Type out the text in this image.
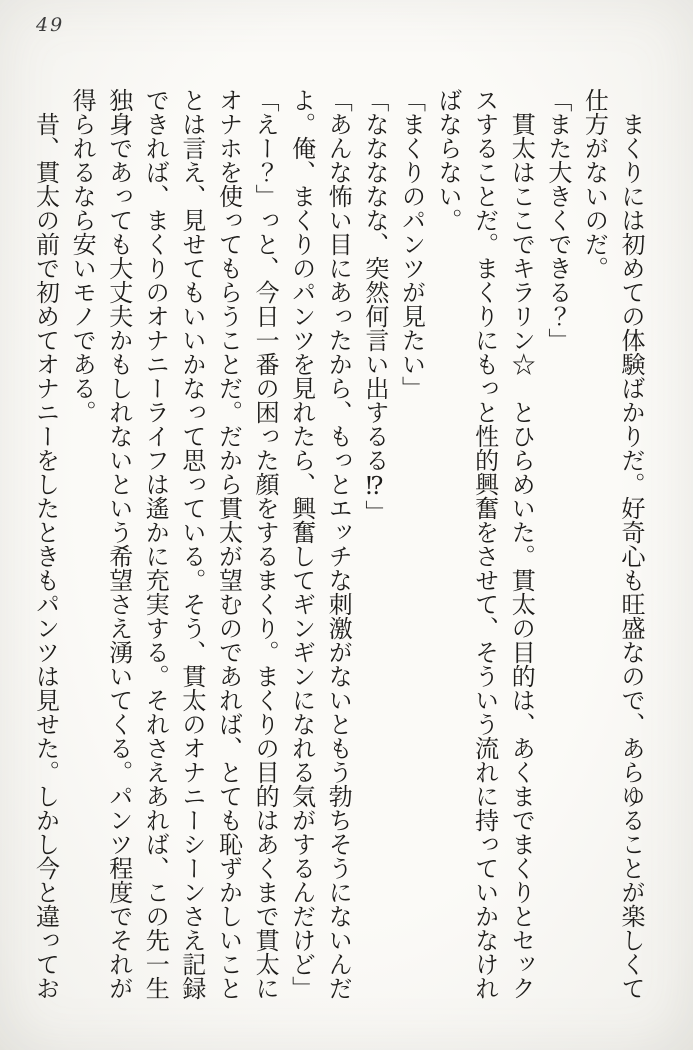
49

まくりには初めての体験ばかりだ。好奇心も旺盛なので、あらゆることが楽しくて仕方がないのだ。

「また大きくできる？」

貫太はここでキラリン☆　とひらめいた。貫太の目的は、あくまでまくりとセックスすることだ。まくりにもっと性的興奮をさせて、そういう流れに持っていかなければならない。

「まくりのパンツが見たい」

「ななななな、突然何言い出するる⁉」

「あんな怖い目にあったから、もっとエッチな刺激がないともう勃ちそうにないんだよ。俺、まくりのパンツを見れたら、興奮してギンギンになれる気がするんだけど」

「えー？」っと、今日一番の困った顔をするまくり。まくりの目的はあくまで貫太にオナホを使ってもらうことだ。だから貫太が望むのであれば、とても恥ずかしいこととは言え、見せてもいいかなって思っている。そう、貫太のオナニーシーンさえ記録できれば、まくりのオナニーライフは遙かに充実する。それさえあれば、この先一生独身であっても大丈夫かもしれないという希望さえ湧いてくる。パンツ程度でそれが得られるなら安いモノである。

昔、貫太の前で初めてオナニーをしたときもパンツは見せた。しかし今と違ってお
